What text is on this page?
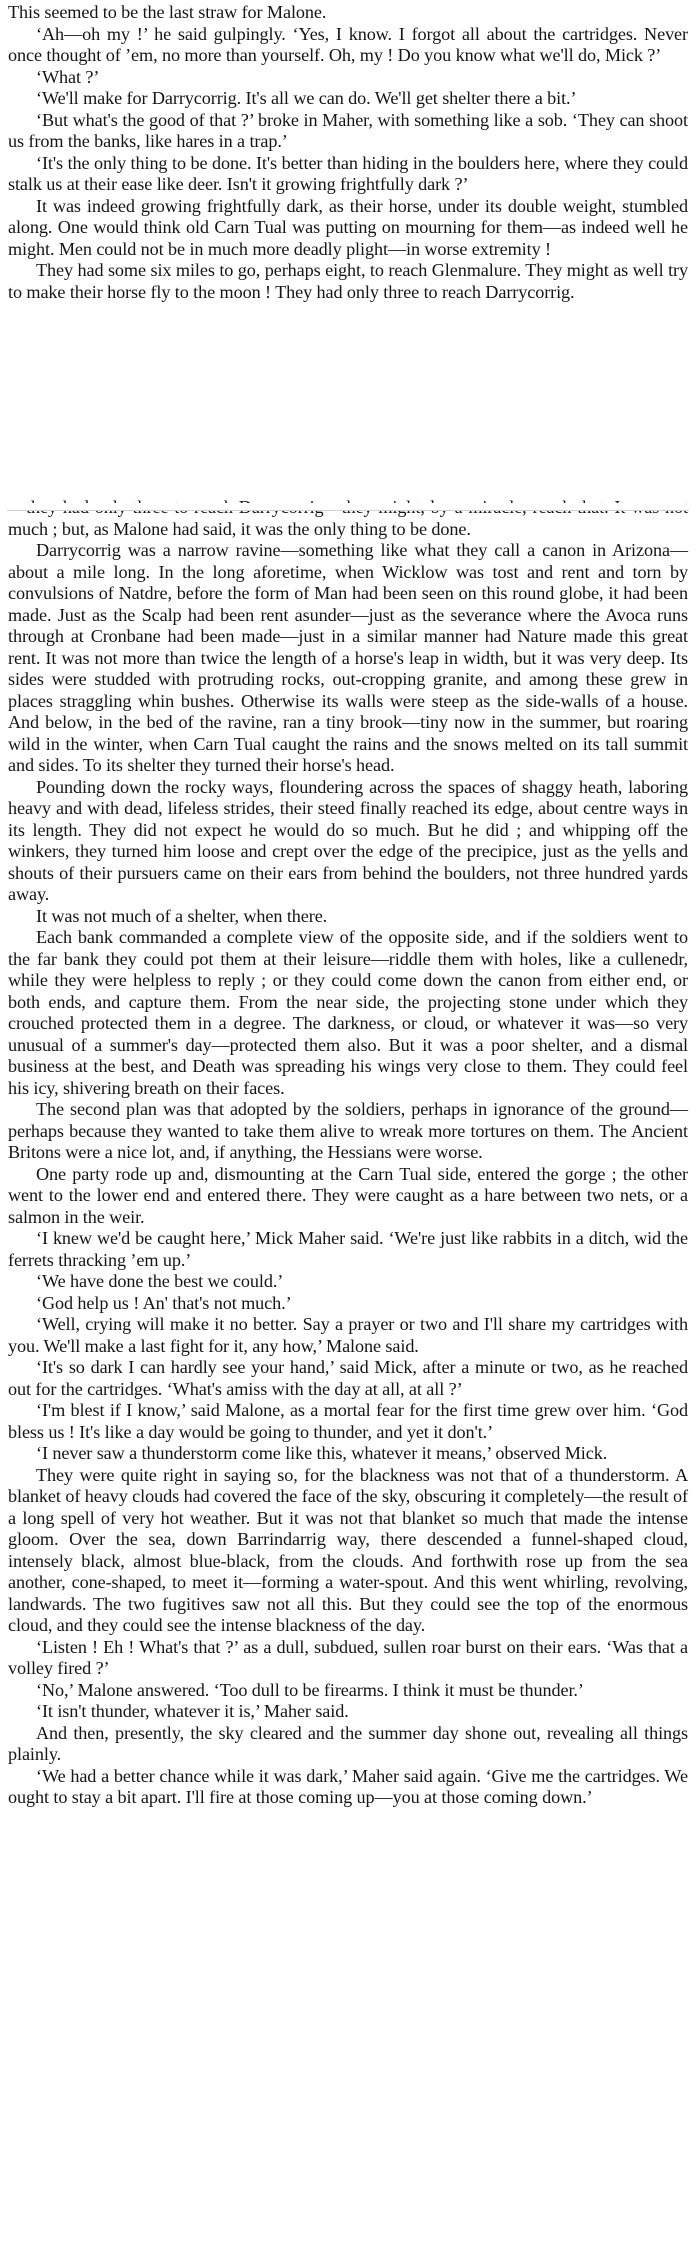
This seemed to be the last straw for Malone.

‘Ah—oh my !’ he said gulpingly. ‘Yes, I know. I forgot all about the cartridges. Never once thought of ’em, no more than yourself. Oh, my ! Do you know what we'll do, Mick ?’

‘What ?’

‘We'll make for Darrycorrig. It's all we can do. We'll get shelter there a bit.’

‘But what's the good of that ?’ broke in Maher, with something like a sob. ‘They can shoot us from the banks, like hares in a trap.’

‘It's the only thing to be done. It's better than hiding in the boulders here, where they could stalk us at their ease like deer. Isn't it growing frightfully dark ?’

It was indeed growing frightfully dark, as their horse, under its double weight, stumbled along. One would think old Carn Tual was putting on mourning for them—as indeed well he might. Men could not be in much more deadly plight—in worse extremity !

They had some six miles to go, perhaps eight, to reach Glenmalure. They might as well try to make their horse fly to the moon ! They had only three to reach Darrycorrig.

much ; but, as Malone had said, it was the only thing to be done.

Darrycorrig was a narrow ravine—something like what they call a canon in Arizona—about a mile long. In the long aforetime, when Wicklow was tost and rent and torn by convulsions of Natdre, before the form of Man had been seen on this round globe, it had been made. Just as the Scalp had been rent asunder—just as the severance where the Avoca runs through at Cronbane had been made—just in a similar manner had Nature made this great rent. It was not more than twice the length of a horse's leap in width, but it was very deep. Its sides were studded with protruding rocks, out-cropping granite, and among these grew in places straggling whin bushes. Otherwise its walls were steep as the side-walls of a house. And below, in the bed of the ravine, ran a tiny brook—tiny now in the summer, but roaring wild in the winter, when Carn Tual caught the rains and the snows melted on its tall summit and sides. To its shelter they turned their horse's head.

Pounding down the rocky ways, floundering across the spaces of shaggy heath, laboring heavy and with dead, lifeless strides, their steed finally reached its edge, about centre ways in its length. They did not expect he would do so much. But he did ; and whipping off the winkers, they turned him loose and crept over the edge of the precipice, just as the yells and shouts of their pursuers came on their ears from behind the boulders, not three hundred yards away.

It was not much of a shelter, when there.

Each bank commanded a complete view of the opposite side, and if the soldiers went to the far bank they could pot them at their leisure—riddle them with holes, like a cullenedr, while they were helpless to reply ; or they could come down the canon from either end, or both ends, and capture them. From the near side, the projecting stone under which they crouched protected them in a degree. The darkness, or cloud, or whatever it was—so very unusual of a summer's day—protected them also. But it was a poor shelter, and a dismal business at the best, and Death was spreading his wings very close to them. They could feel his icy, shivering breath on their faces.

The second plan was that adopted by the soldiers, perhaps in ignorance of the ground—perhaps because they wanted to take them alive to wreak more tortures on them. The Ancient Britons were a nice lot, and, if anything, the Hessians were worse.

One party rode up and, dismounting at the Carn Tual side, entered the gorge ; the other went to the lower end and entered there. They were caught as a hare between two nets, or a salmon in the weir.

‘I knew we'd be caught here,’ Mick Maher said. ‘We're just like rabbits in a ditch, wid the ferrets thracking ’em up.’

‘We have done the best we could.’

‘God help us ! An' that's not much.’

‘Well, crying will make it no better. Say a prayer or two and I'll share my cartridges with you. We'll make a last fight for it, any how,’ Malone said.

‘It's so dark I can hardly see your hand,’ said Mick, after a minute or two, as he reached out for the cartridges. ‘What's amiss with the day at all, at all ?’

‘I'm blest if I know,’ said Malone, as a mortal fear for the first time grew over him. ‘God bless us ! It's like a day would be going to thunder, and yet it don't.’

‘I never saw a thunderstorm come like this, whatever it means,’ observed Mick.

They were quite right in saying so, for the blackness was not that of a thunderstorm. A blanket of heavy clouds had covered the face of the sky, obscuring it completely—the result of a long spell of very hot weather. But it was not that blanket so much that made the intense gloom. Over the sea, down Barrindarrig way, there descended a funnel-shaped cloud, intensely black, almost blue-black, from the clouds. And forthwith rose up from the sea another, cone-shaped, to meet it—forming a water-spout. And this went whirling, revolving, landwards. The two fugitives saw not all this. But they could see the top of the enormous cloud, and they could see the intense blackness of the day.

‘Listen ! Eh ! What's that ?’ as a dull, subdued, sullen roar burst on their ears. ‘Was that a volley fired ?’

‘No,’ Malone answered. ‘Too dull to be firearms. I think it must be thunder.’

‘It isn't thunder, whatever it is,’ Maher said.

And then, presently, the sky cleared and the summer day shone out, revealing all things plainly.

‘We had a better chance while it was dark,’ Maher said again. ‘Give me the cartridges. We ought to stay a bit apart. I'll fire at those coming up—you at those coming down.’
